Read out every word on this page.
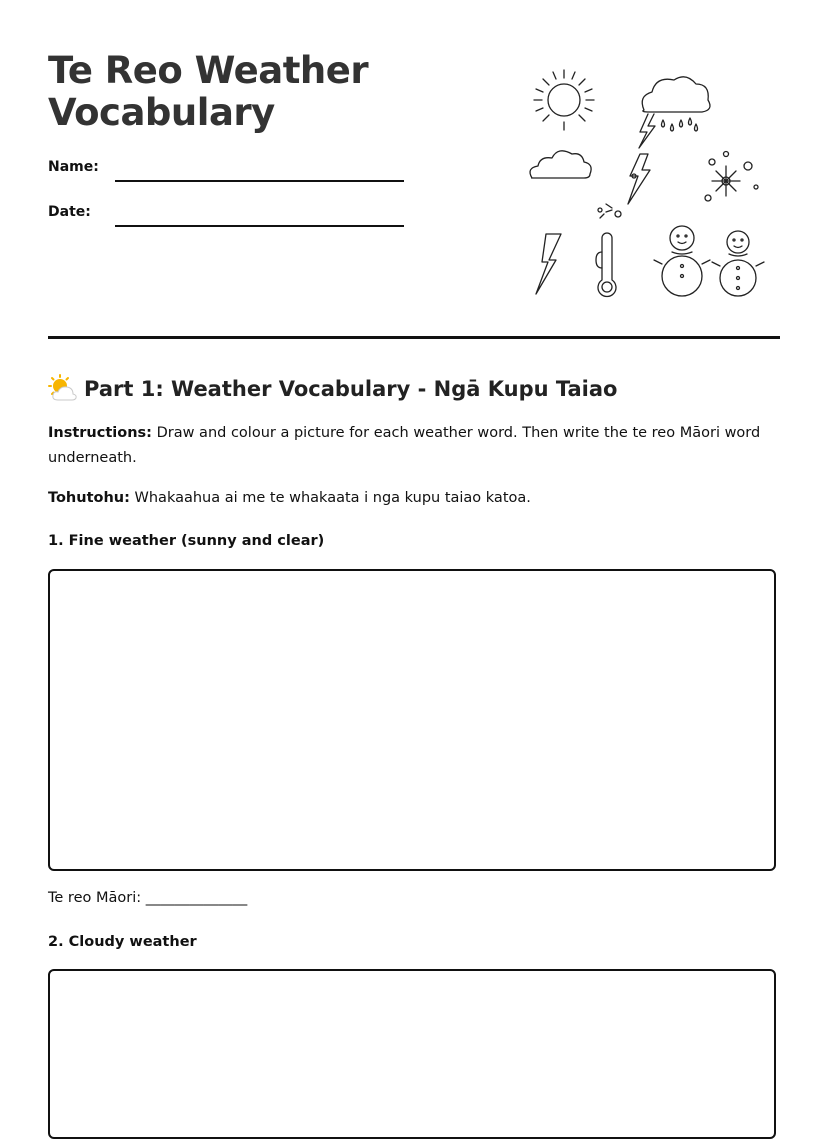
Te Reo Weather Vocabulary
Name:
Date:
Part 1: Weather Vocabulary - Ngā Kupu Taiao
Instructions: Draw and colour a picture for each weather word. Then write the te reo Māori word underneath.
Tohutohu: Whakaahua ai me te whakaata i nga kupu taiao katoa.
1. Fine weather (sunny and clear)
Te reo Māori: ______________
2. Cloudy weather
